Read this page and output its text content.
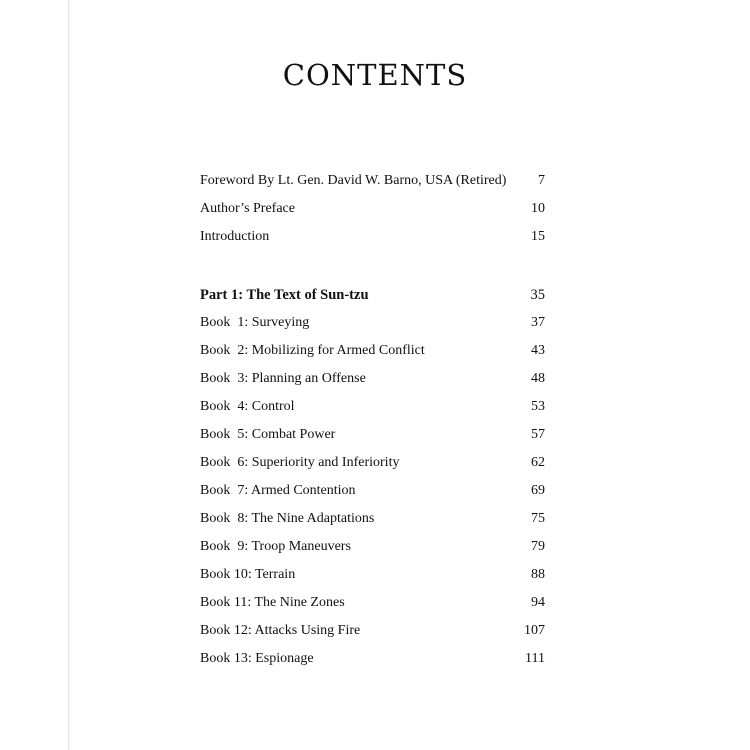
CONTENTS
Foreword By Lt. Gen. David W. Barno, USA (Retired) 7
Author’s Preface	10
Introduction	15
Part 1: The Text of Sun-tzu	35
Book  1: Surveying	37
Book  2: Mobilizing for Armed Conflict	43
Book  3: Planning an Offense	48
Book  4: Control	53
Book  5: Combat Power	57
Book  6: Superiority and Inferiority	62
Book  7: Armed Contention	69
Book  8: The Nine Adaptations	75
Book  9: Troop Maneuvers	79
Book 10: Terrain	88
Book 11: The Nine Zones	94
Book 12: Attacks Using Fire	107
Book 13: Espionage	111
